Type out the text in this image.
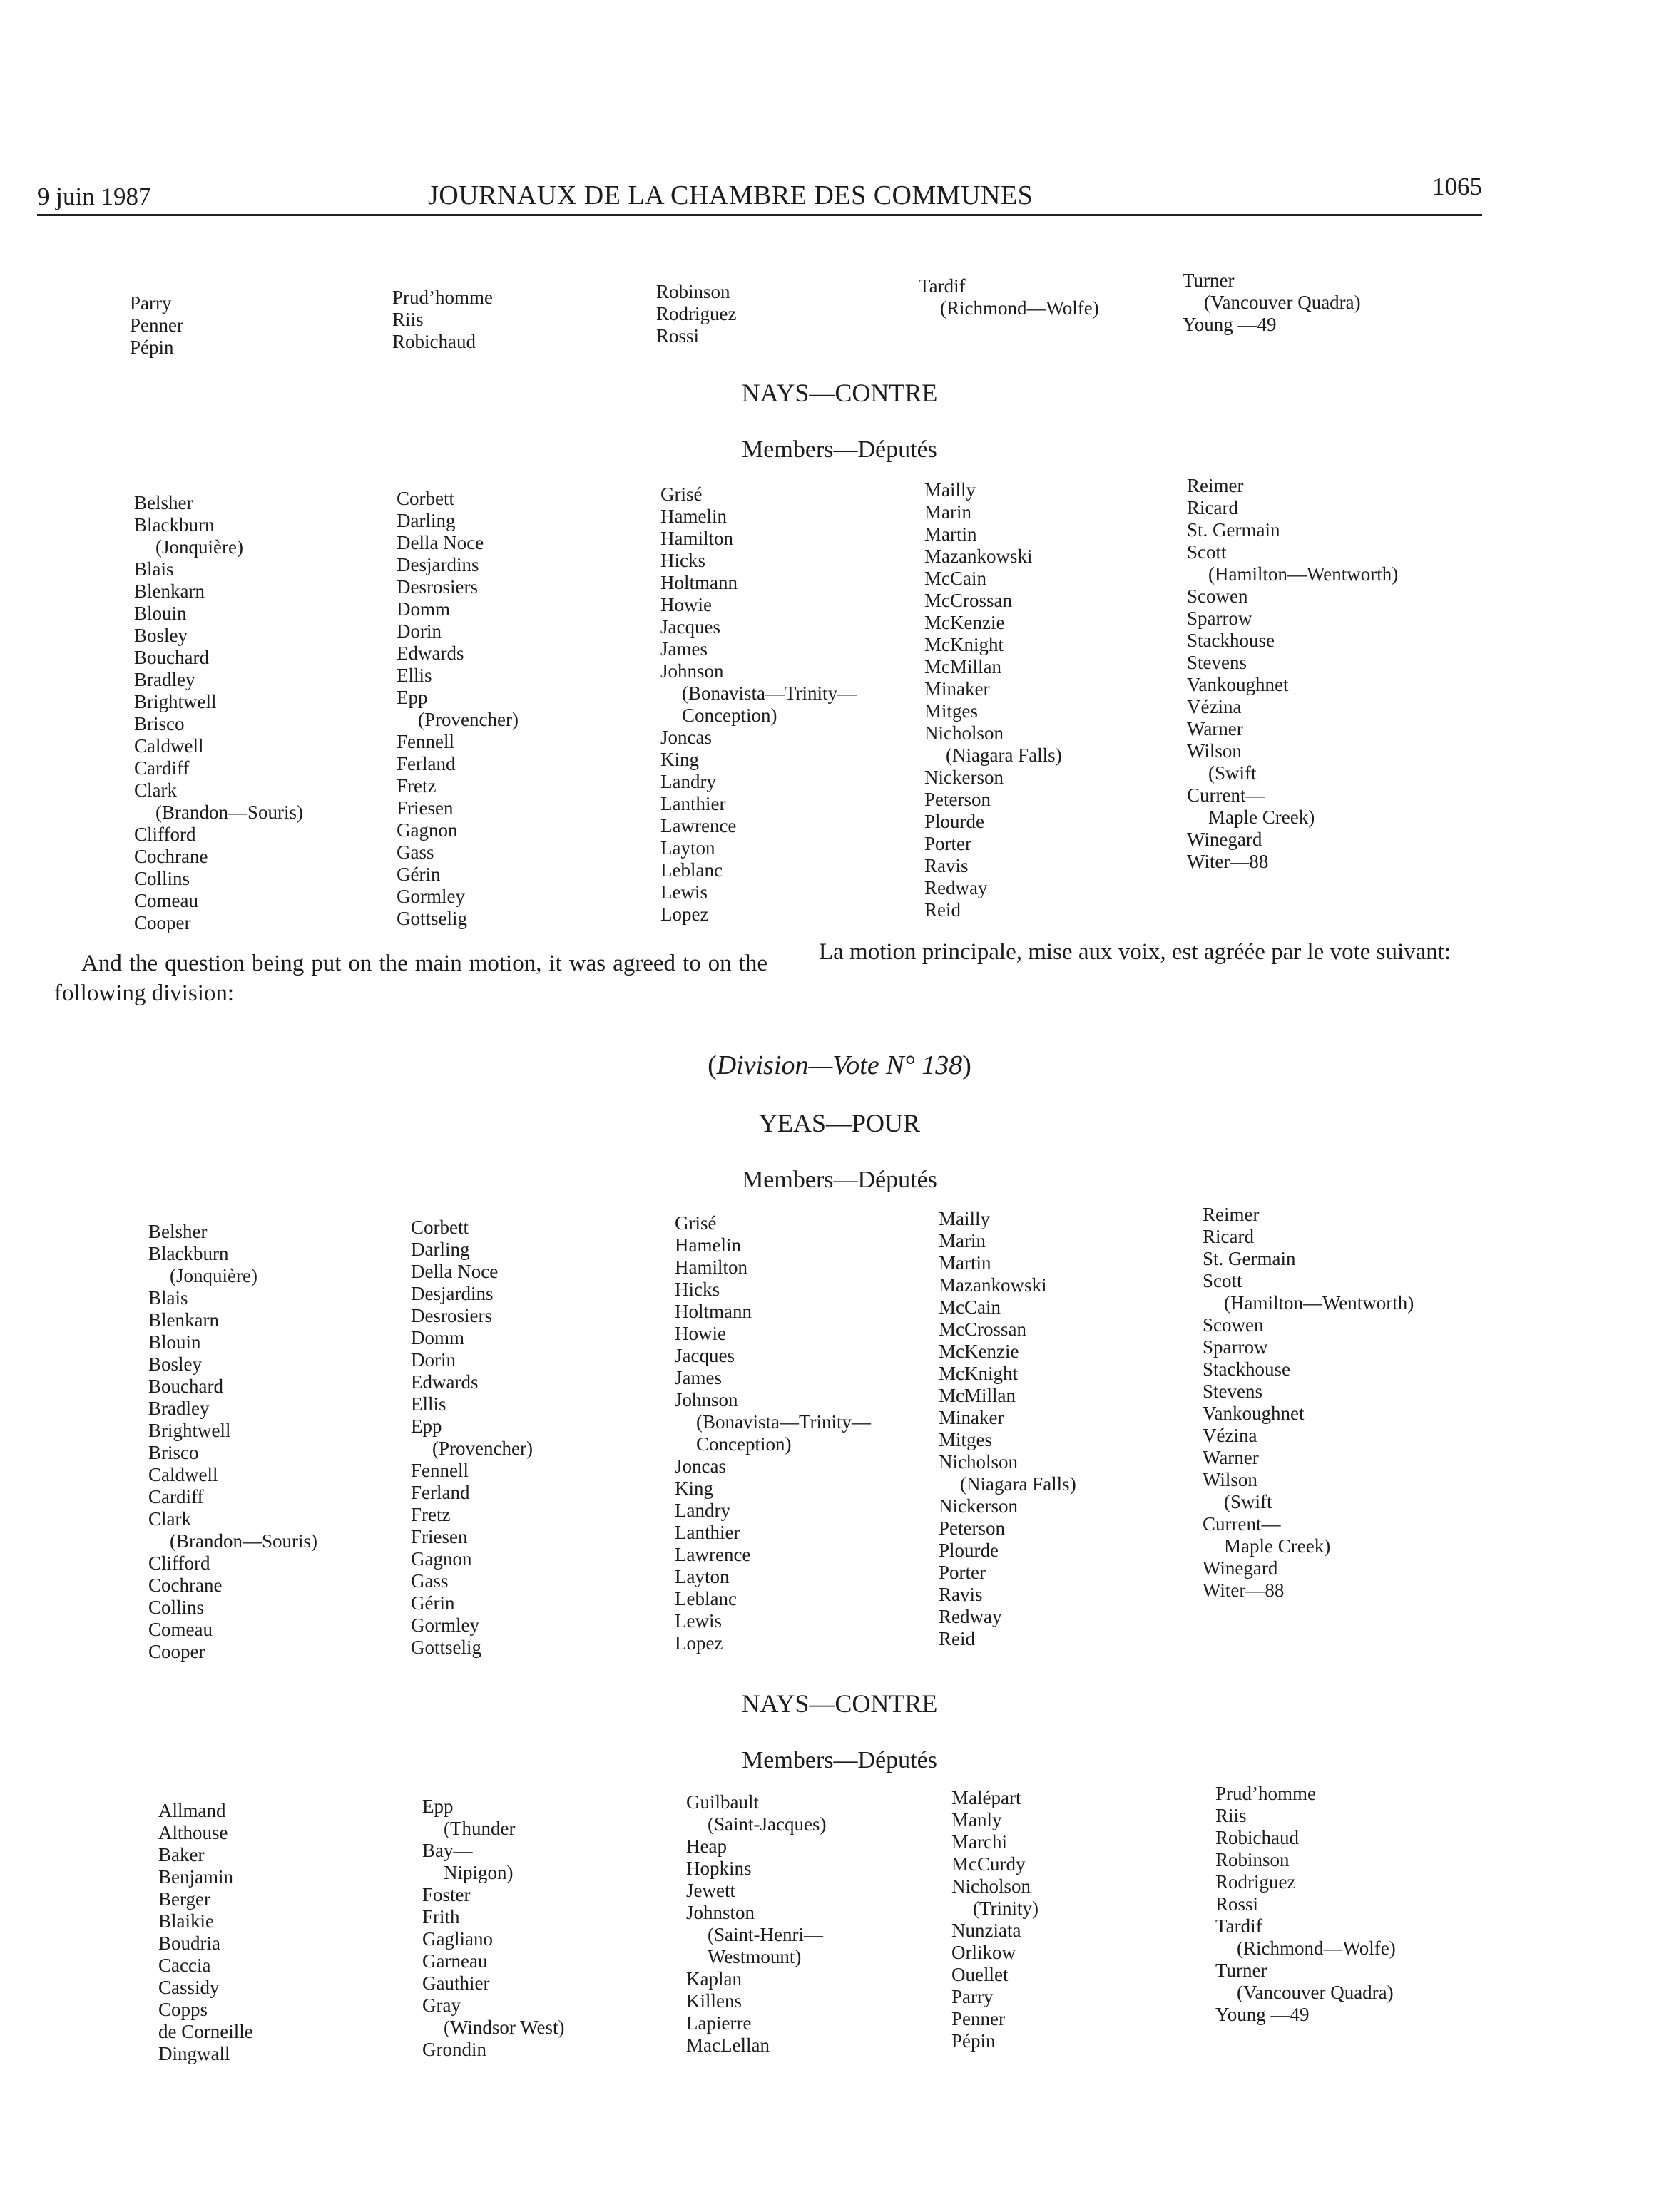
9 juin 1987	JOURNAUX DE LA CHAMBRE DES COMMUNES	1065
Parry
Penner
Pépin
Prud’homme
Riis
Robichaud
Robinson
Rodriguez
Rossi
Tardif
(Richmond—Wolfe)
Turner
(Vancouver Quadra)
Young —49
NAYS—CONTRE
Members—Députés
Belsher
Blackburn
(Jonquière)
Blais
Blenkarn
Blouin
Bosley
Bouchard
Bradley
Brightwell
Brisco
Caldwell
Cardiff
Clark
(Brandon—Souris)
Clifford
Cochrane
Collins
Comeau
Cooper
Corbett
Darling
Della Noce
Desjardins
Desrosiers
Domm
Dorin
Edwards
Ellis
Epp
(Provencher)
Fennell
Ferland
Fretz
Friesen
Gagnon
Gass
Gérin
Gormley
Gottselig
Grisé
Hamelin
Hamilton
Hicks
Holtmann
Howie
Jacques
James
Johnson
(Bonavista—Trinity—
Conception)
Joncas
King
Landry
Lanthier
Lawrence
Layton
Leblanc
Lewis
Lopez
Mailly
Marin
Martin
Mazankowski
McCain
McCrossan
McKenzie
McKnight
McMillan
Minaker
Mitges
Nicholson
(Niagara Falls)
Nickerson
Peterson
Plourde
Porter
Ravis
Redway
Reid
Reimer
Ricard
St. Germain
Scott
(Hamilton—Wentworth)
Scowen
Sparrow
Stackhouse
Stevens
Vankoughnet
Vézina
Warner
Wilson
(Swift
Current—
Maple Creek)
Winegard
Witer—88

And the question being put on the main motion, it was agreed to on the following division:

La motion principale, mise aux voix, est agréée par le vote suivant:

(Division—Vote N° 138)
YEAS—POUR
Members—Députés
Belsher
Blackburn
(Jonquière)
Blais
Blenkarn
Blouin
Bosley
Bouchard
Bradley
Brightwell
Brisco
Caldwell
Cardiff
Clark
(Brandon—Souris)
Clifford
Cochrane
Collins
Comeau
Cooper
Corbett
Darling
Della Noce
Desjardins
Desrosiers
Domm
Dorin
Edwards
Ellis
Epp
(Provencher)
Fennell
Ferland
Fretz
Friesen
Gagnon
Gass
Gérin
Gormley
Gottselig
Grisé
Hamelin
Hamilton
Hicks
Holtmann
Howie
Jacques
James
Johnson
(Bonavista—Trinity—
Conception)
Joncas
King
Landry
Lanthier
Lawrence
Layton
Leblanc
Lewis
Lopez
Mailly
Marin
Martin
Mazankowski
McCain
McCrossan
McKenzie
McKnight
McMillan
Minaker
Mitges
Nicholson
(Niagara Falls)
Nickerson
Peterson
Plourde
Porter
Ravis
Redway
Reid
Reimer
Ricard
St. Germain
Scott
(Hamilton—Wentworth)
Scowen
Sparrow
Stackhouse
Stevens
Vankoughnet
Vézina
Warner
Wilson
(Swift
Current—
Maple Creek)
Winegard
Witer—88
NAYS—CONTRE
Members—Députés
Allmand
Althouse
Baker
Benjamin
Berger
Blaikie
Boudria
Caccia
Cassidy
Copps
de Corneille
Dingwall
Epp
(Thunder
Bay—
Nipigon)
Foster
Frith
Gagliano
Garneau
Gauthier
Gray
(Windsor West)
Grondin
Guilbault
(Saint-Jacques)
Heap
Hopkins
Jewett
Johnston
(Saint-Henri—
Westmount)
Kaplan
Killens
Lapierre
MacLellan
Malépart
Manly
Marchi
McCurdy
Nicholson
(Trinity)
Nunziata
Orlikow
Ouellet
Parry
Penner
Pépin
Prud’homme
Riis
Robichaud
Robinson
Rodriguez
Rossi
Tardif
(Richmond—Wolfe)
Turner
(Vancouver Quadra)
Young —49
